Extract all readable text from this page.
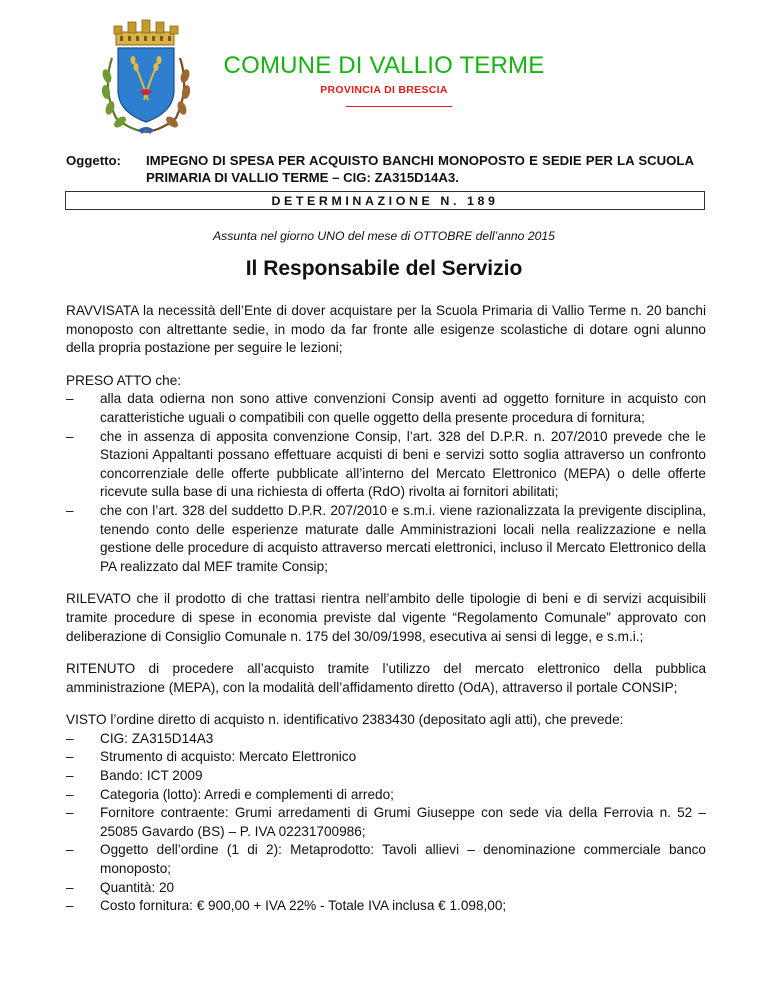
COMUNE DI VALLIO TERME
PROVINCIA DI BRESCIA
Oggetto: IMPEGNO DI SPESA PER ACQUISTO BANCHI MONOPOSTO E SEDIE PER LA SCUOLA PRIMARIA DI VALLIO TERME – CIG: ZA315D14A3.
DETERMINAZIONE N. 189
Assunta nel giorno UNO del mese di OTTOBRE dell’anno 2015
Il Responsabile del Servizio

RAVVISATA la necessità dell’Ente di dover acquistare per la Scuola Primaria di Vallio Terme n. 20 banchi monoposto con altrettante sedie, in modo da far fronte alle esigenze scolastiche di dotare ogni alunno della propria postazione per seguire le lezioni;

PRESO ATTO che:

– alla data odierna non sono attive convenzioni Consip aventi ad oggetto forniture in acquisto con caratteristiche uguali o compatibili con quelle oggetto della presente procedura di fornitura;
– che in assenza di apposita convenzione Consip, l’art. 328 del D.P.R. n. 207/2010 prevede che le Stazioni Appaltanti possano effettuare acquisti di beni e servizi sotto soglia attraverso un confronto concorrenziale delle offerte pubblicate all’interno del Mercato Elettronico (MEPA) o delle offerte ricevute sulla base di una richiesta di offerta (RdO) rivolta ai fornitori abilitati;
– che con l’art. 328 del suddetto D.P.R. 207/2010 e s.m.i. viene razionalizzata la previgente disciplina, tenendo conto delle esperienze maturate dalle Amministrazioni locali nella realizzazione e nella gestione delle procedure di acquisto attraverso mercati elettronici, incluso il Mercato Elettronico della PA realizzato dal MEF tramite Consip;

RILEVATO che il prodotto di che trattasi rientra nell’ambito delle tipologie di beni e di servizi acquisibili tramite procedure di spese in economia previste dal vigente “Regolamento Comunale” approvato con deliberazione di Consiglio Comunale n. 175 del 30/09/1998, esecutiva ai sensi di legge, e s.m.i.;

RITENUTO di procedere all’acquisto tramite l’utilizzo del mercato elettronico della pubblica amministrazione (MEPA), con la modalità dell’affidamento diretto (OdA), attraverso il portale CONSIP;

VISTO l’ordine diretto di acquisto n. identificativo 2383430 (depositato agli atti), che prevede:

– CIG: ZA315D14A3
– Strumento di acquisto: Mercato Elettronico
– Bando: ICT 2009
– Categoria (lotto): Arredi e complementi di arredo;
– Fornitore contraente: Grumi arredamenti di Grumi Giuseppe con sede via della Ferrovia n. 52 – 25085 Gavardo (BS) – P. IVA 02231700986;
– Oggetto dell’ordine (1 di 2): Metaprodotto: Tavoli allievi – denominazione commerciale banco monoposto;
– Quantità: 20
– Costo fornitura: € 900,00 + IVA 22% - Totale IVA inclusa € 1.098,00;
